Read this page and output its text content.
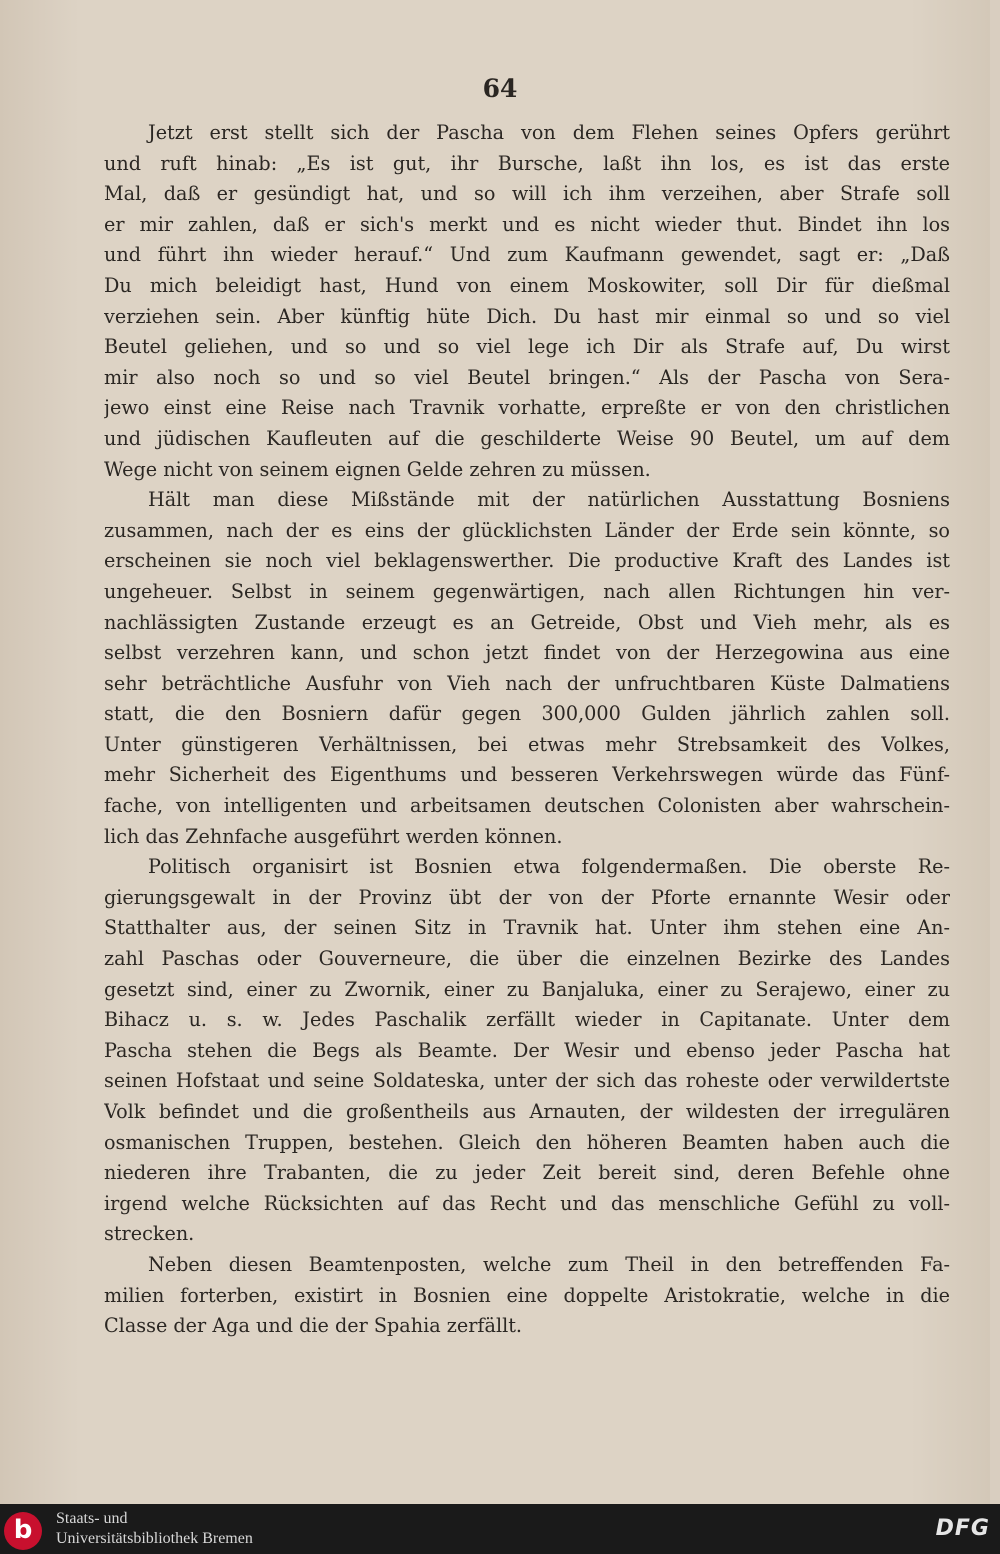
64
Jetzt erst stellt sich der Pascha von dem Flehen seines Opfers gerührt
und ruft hinab: „Es ist gut, ihr Bursche, laßt ihn los, es ist das erste
Mal, daß er gesündigt hat, und so will ich ihm verzeihen, aber Strafe soll
er mir zahlen, daß er sich's merkt und es nicht wieder thut. Bindet ihn los
und führt ihn wieder herauf.“ Und zum Kaufmann gewendet, sagt er: „Daß
Du mich beleidigt hast, Hund von einem Moskowiter, soll Dir für dießmal
verziehen sein. Aber künftig hüte Dich. Du hast mir einmal so und so viel
Beutel geliehen, und so und so viel lege ich Dir als Strafe auf, Du wirst
mir also noch so und so viel Beutel bringen.“ Als der Pascha von Sera-
jewo einst eine Reise nach Travnik vorhatte, erpreßte er von den christlichen
und jüdischen Kaufleuten auf die geschilderte Weise 90 Beutel, um auf dem
Wege nicht von seinem eignen Gelde zehren zu müssen.
Hält man diese Mißstände mit der natürlichen Ausstattung Bosniens
zusammen, nach der es eins der glücklichsten Länder der Erde sein könnte, so
erscheinen sie noch viel beklagenswerther. Die productive Kraft des Landes ist
ungeheuer. Selbst in seinem gegenwärtigen, nach allen Richtungen hin ver-
nachlässigten Zustande erzeugt es an Getreide, Obst und Vieh mehr, als es
selbst verzehren kann, und schon jetzt findet von der Herzegowina aus eine
sehr beträchtliche Ausfuhr von Vieh nach der unfruchtbaren Küste Dalmatiens
statt, die den Bosniern dafür gegen 300,000 Gulden jährlich zahlen soll.
Unter günstigeren Verhältnissen, bei etwas mehr Strebsamkeit des Volkes,
mehr Sicherheit des Eigenthums und besseren Verkehrswegen würde das Fünf-
fache, von intelligenten und arbeitsamen deutschen Colonisten aber wahrschein-
lich das Zehnfache ausgeführt werden können.
Politisch organisirt ist Bosnien etwa folgendermaßen. Die oberste Re-
gierungsgewalt in der Provinz übt der von der Pforte ernannte Wesir oder
Statthalter aus, der seinen Sitz in Travnik hat. Unter ihm stehen eine An-
zahl Paschas oder Gouverneure, die über die einzelnen Bezirke des Landes
gesetzt sind, einer zu Zwornik, einer zu Banjaluka, einer zu Serajewo, einer zu
Bihacz u. s. w. Jedes Paschalik zerfällt wieder in Capitanate. Unter dem
Pascha stehen die Begs als Beamte. Der Wesir und ebenso jeder Pascha hat
seinen Hofstaat und seine Soldateska, unter der sich das roheste oder verwildertste
Volk befindet und die großentheils aus Arnauten, der wildesten der irregulären
osmanischen Truppen, bestehen. Gleich den höheren Beamten haben auch die
niederen ihre Trabanten, die zu jeder Zeit bereit sind, deren Befehle ohne
irgend welche Rücksichten auf das Recht und das menschliche Gefühl zu voll-
strecken.
Neben diesen Beamtenposten, welche zum Theil in den betreffenden Fa-
milien forterben, existirt in Bosnien eine doppelte Aristokratie, welche in die
Classe der Aga und die der Spahia zerfällt.
b	Staats- und
Universitätsbibliothek Bremen	DFG
